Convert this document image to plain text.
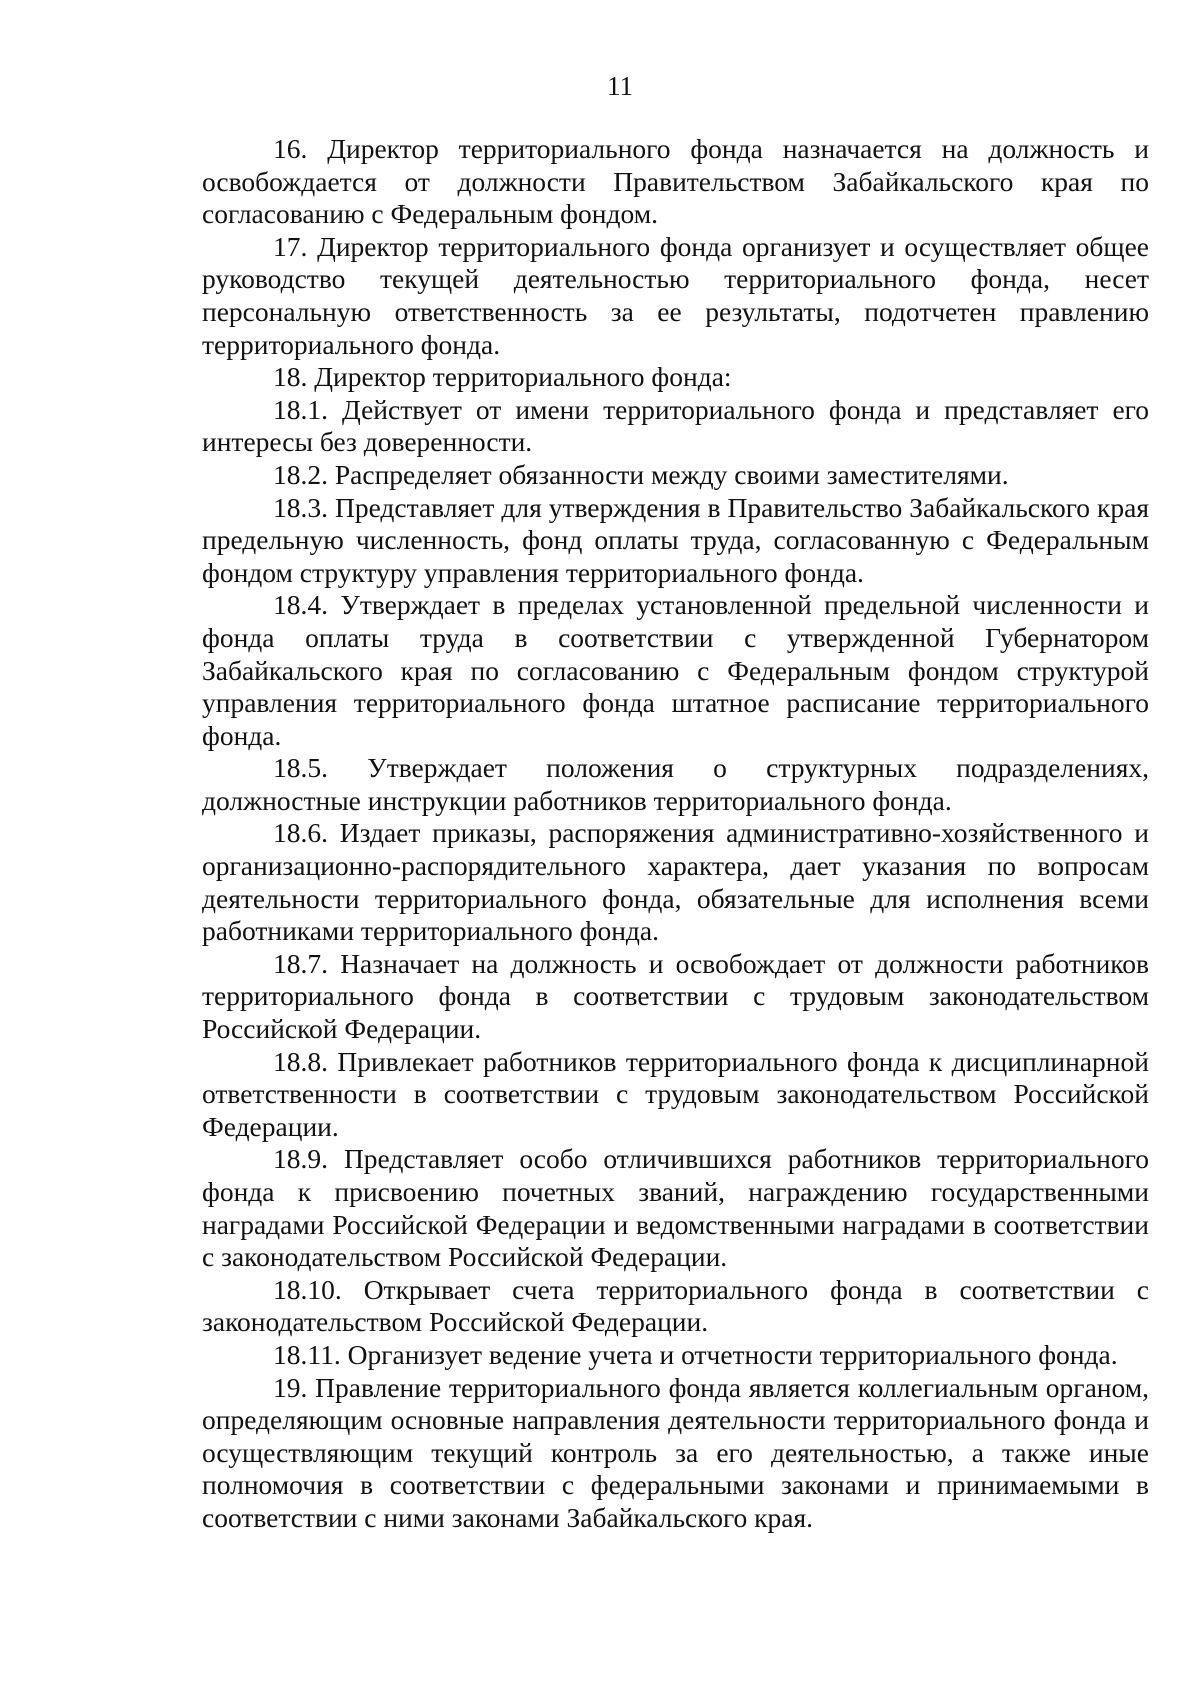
11

16. Директор территориального фонда назначается на должность и освобождается от должности Правительством Забайкальского края по согласованию с Федеральным фондом.

17. Директор территориального фонда организует и осуществляет общее руководство текущей деятельностью территориального фонда, несет персональную ответственность за ее результаты, подотчетен правлению территориального фонда.

18. Директор территориального фонда:

18.1. Действует от имени территориального фонда и представляет его интересы без доверенности.

18.2. Распределяет обязанности между своими заместителями.

18.3. Представляет для утверждения в Правительство Забайкальского края предельную численность, фонд оплаты труда, согласованную с Федеральным фондом структуру управления территориального фонда.

18.4. Утверждает в пределах установленной предельной численности и фонда оплаты труда в соответствии с утвержденной Губернатором Забайкальского края по согласованию с Федеральным фондом структурой управления территориального фонда штатное расписание территориального фонда.

18.5. Утверждает положения о структурных подразделениях, должностные инструкции работников территориального фонда.

18.6. Издает приказы, распоряжения административно-хозяйственного и организационно-распорядительного характера, дает указания по вопросам деятельности территориального фонда, обязательные для исполнения всеми работниками территориального фонда.

18.7. Назначает на должность и освобождает от должности работников территориального фонда в соответствии с трудовым законодательством Российской Федерации.

18.8. Привлекает работников территориального фонда к дисциплинарной ответственности в соответствии с трудовым законодательством Российской Федерации.

18.9. Представляет особо отличившихся работников территориального фонда к присвоению почетных званий, награждению государственными наградами Российской Федерации и ведомственными наградами в соответствии с законодательством Российской Федерации.

18.10. Открывает счета территориального фонда в соответствии с законодательством Российской Федерации.

18.11. Организует ведение учета и отчетности территориального фонда.

19. Правление территориального фонда является коллегиальным органом, определяющим основные направления деятельности территориального фонда и осуществляющим текущий контроль за его деятельностью, а также иные полномочия в соответствии с федеральными законами и принимаемыми в соответствии с ними законами Забайкальского края.
